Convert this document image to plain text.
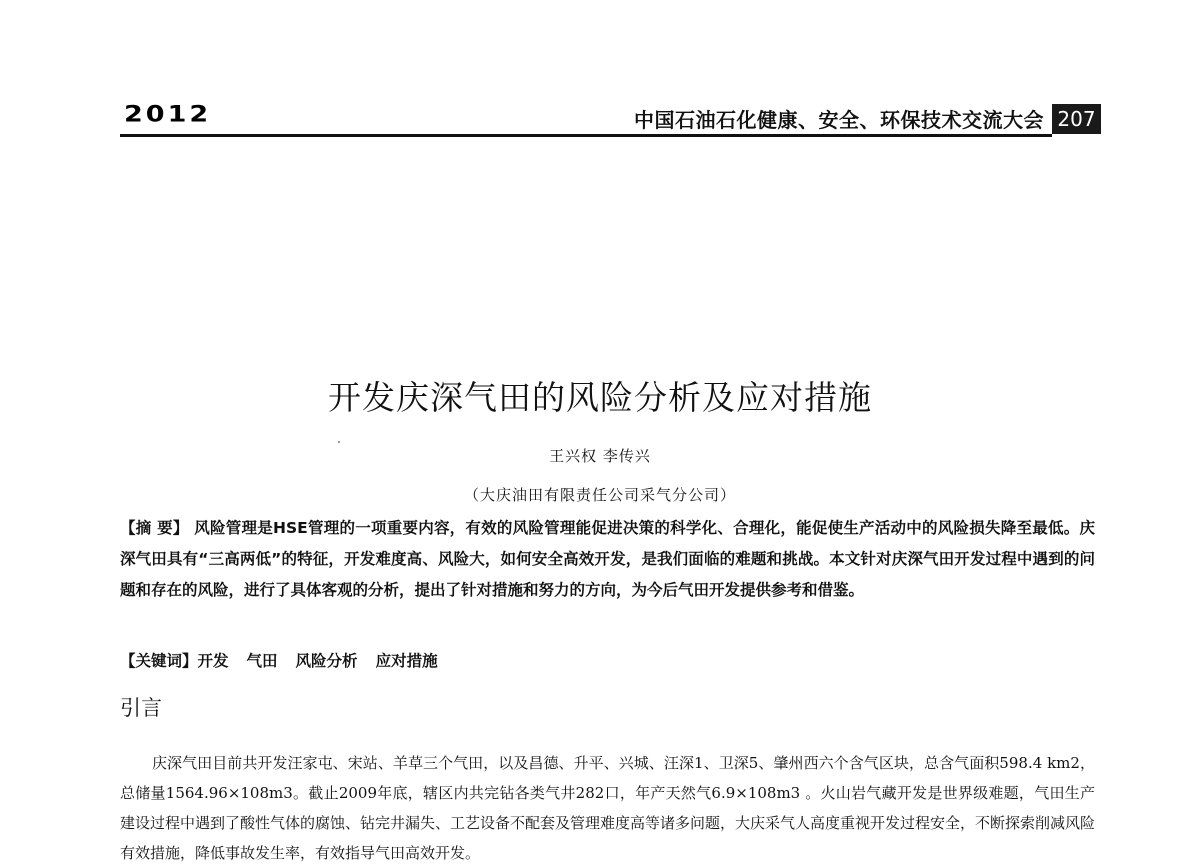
2012	中国石油石化健康、安全、环保技术交流大会 207
开发庆深气田的风险分析及应对措施
王兴权 李传兴
（大庆油田有限责任公司采气分公司）
【摘 要】 风险管理是HSE管理的一项重要内容，有效的风险管理能促进决策的科学化、合理化，能促使生产活动中的风险损失降至最低。庆深气田具有“三高两低”的特征，开发难度高、风险大，如何安全高效开发，是我们面临的难题和挑战。本文针对庆深气田开发过程中遇到的问题和存在的风险，进行了具体客观的分析，提出了针对措施和努力的方向，为今后气田开发提供参考和借鉴。
【关键词】开发 气田 风险分析 应对措施
引言
庆深气田目前共开发汪家屯、宋站、羊草三个气田，以及昌德、升平、兴城、汪深1、卫深5、肇州西六个含气区块，总含气面积598.4 km2，总储量1564.96×108m3。截止2009年底，辖区内共完钻各类气井282口，年产天然气6.9×108m3 。火山岩气藏开发是世界级难题，气田生产建设过程中遇到了酸性气体的腐蚀、钻完井漏失、工艺设备不配套及管理难度高等诸多问题，大庆采气人高度重视开发过程安全，不断探索削减风险有效措施，降低事故发生率，有效指导气田高效开发。
